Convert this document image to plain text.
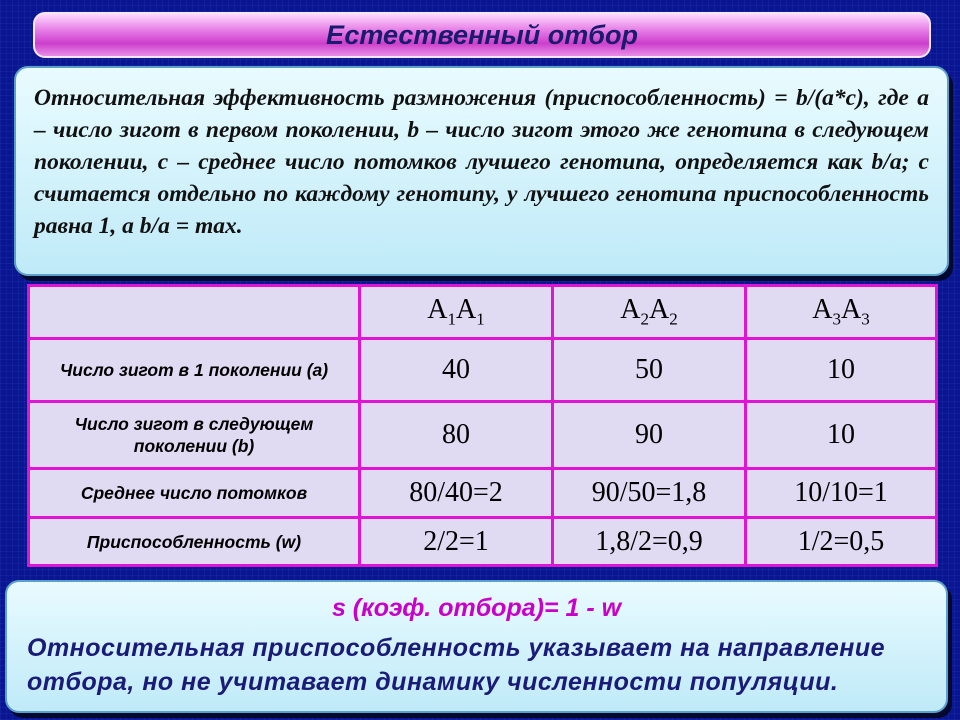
Естественный отбор

Относительная эффективность размножения (приспособленность) = b/(a*c), где а – число зигот в первом поколении, b – число зигот этого же генотипа в следующем поколении, с – среднее число потомков лучшего генотипа, определяется как b/a; с считается отдельно по каждому генотипу, у лучшего генотипа приспособленность равна 1, а b/a = max.

	$A_1A_1$	$A_2A_2$	$A_3A_3$
Число зигот в 1 поколении (a)	40	50	10
Число зигот в следующем поколении (b)	80	90	10
Среднее число потомков	80/40=2	90/50=1,8	10/10=1
Приспособленность (w)	2/2=1	1,8/2=0,9	1/2=0,5

s (коэф. отбора)= 1 - w

Относительная приспособленность указывает на направление отбора, но не учитавает динамику численности популяции.
